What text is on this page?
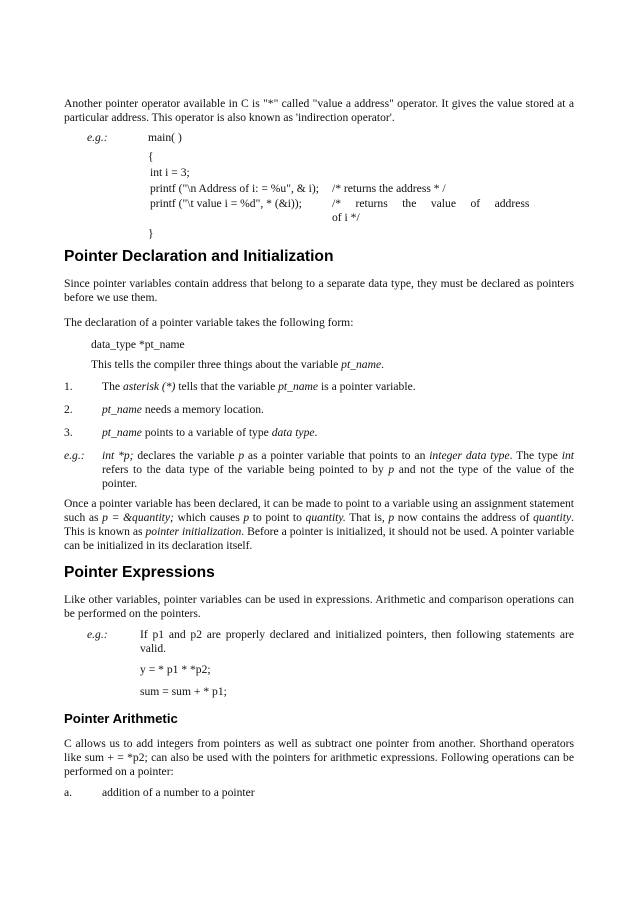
Another pointer operator available in C is "*" called "value a address" operator. It gives the value stored at a particular address. This operator is also known as 'indirection operator'.
e.g.:	main( )
{
int i = 3;
printf ("\n Address of i: = %u", & i); /* returns the address * /
printf ("\t value i = %d", * (&i));	/*     returns     the     value     of     address
of i */
}
Pointer Declaration and Initialization
Since pointer variables contain address that belong to a separate data type, they must be declared as pointers before we use them.
The declaration of a pointer variable takes the following form:
data_type *pt_name
This tells the compiler three things about the variable pt_name.
1.	The asterisk (*) tells that the variable pt_name is a pointer variable.
2.	pt_name needs a memory location.
3.	pt_name points to a variable of type data type.
e.g.: int *p; declares the variable p as a pointer variable that points to an integer data type. The type int refers to the data type of the variable being pointed to by p and not the type of the value of the pointer.
Once a pointer variable has been declared, it can be made to point to a variable using an assignment statement such as p = &quantity; which causes p to point to quantity. That is, p now contains the address of quantity. This is known as pointer initialization. Before a pointer is initialized, it should not be used. A pointer variable can be initialized in its declaration itself.
Pointer Expressions
Like other variables, pointer variables can be used in expressions. Arithmetic and comparison operations can be performed on the pointers.
e.g.:	If p1 and p2 are properly declared and initialized pointers, then following statements are valid.
y = * p1 * *p2;
sum = sum + * p1;
Pointer Arithmetic
C allows us to add integers from pointers as well as subtract one pointer from another. Shorthand operators like sum + = *p2; can also be used with the pointers for arithmetic expressions. Following operations can be performed on a pointer:
a.	addition of a number to a pointer
